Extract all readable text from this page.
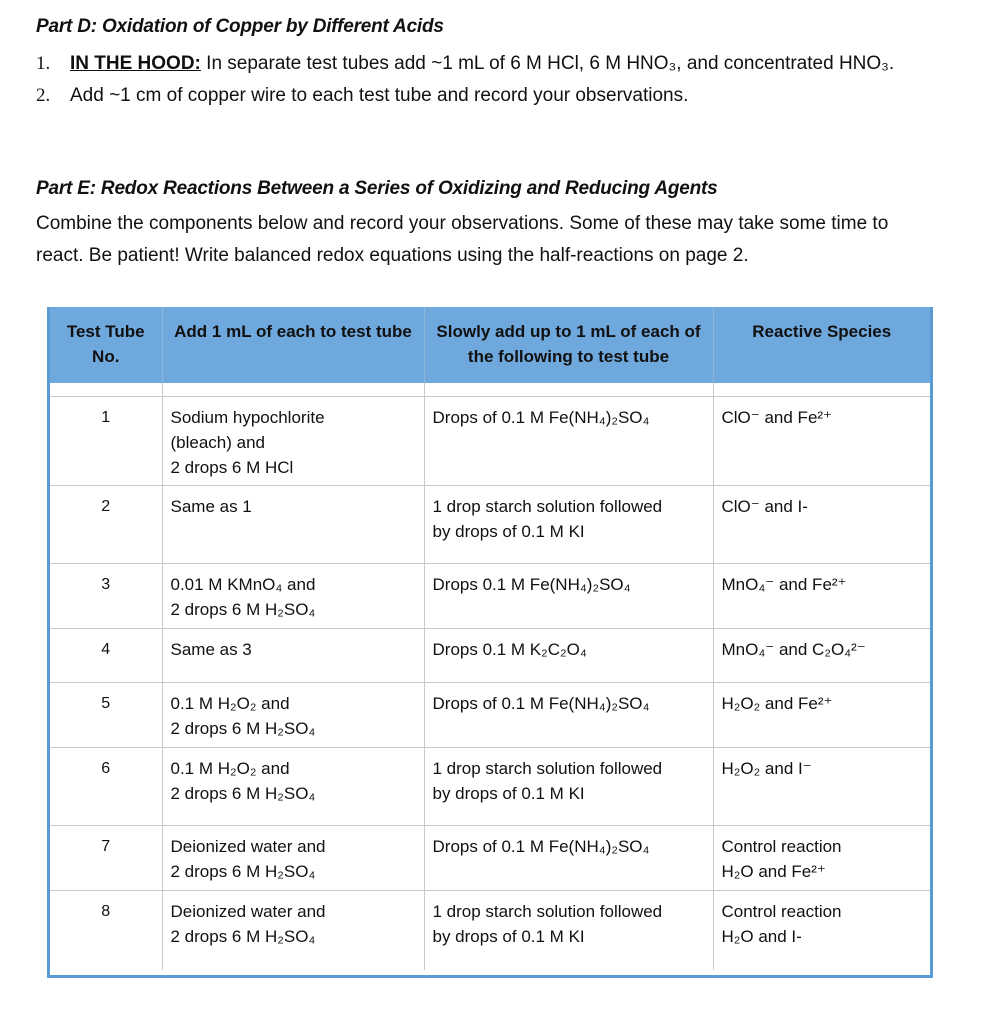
Part D: Oxidation of Copper by Different Acids
1. IN THE HOOD: In separate test tubes add ~1 mL of 6 M HCl, 6 M HNO₃, and concentrated HNO₃.
2. Add ~1 cm of copper wire to each test tube and record your observations.
Part E: Redox Reactions Between a Series of Oxidizing and Reducing Agents

Combine the components below and record your observations. Some of these may take some time to react. Be patient! Write balanced redox equations using the half-reactions on page 2.

Test Tube No.	Add 1 mL of each to test tube	Slowly add up to 1 mL of each of the following to test tube	Reactive Species

1	Sodium hypochlorite
(bleach) and
2 drops 6 M HCl	Drops of 0.1 M Fe(NH₄)₂SO₄	ClO⁻ and Fe²⁺

2	Same as 1	1 drop starch solution followed
by drops of 0.1 M KI	ClO⁻ and I-

3	0.01 M KMnO₄ and
2 drops 6 M H₂SO₄	Drops 0.1 M Fe(NH₄)₂SO₄	MnO₄⁻ and Fe²⁺

4	Same as 3	Drops 0.1 M K₂C₂O₄	MnO₄⁻ and C₂O₄²⁻

5	0.1 M H₂O₂ and
2 drops 6 M H₂SO₄	Drops of 0.1 M Fe(NH₄)₂SO₄	H₂O₂ and Fe²⁺

6	0.1 M H₂O₂ and
2 drops 6 M H₂SO₄	1 drop starch solution followed
by drops of 0.1 M KI	H₂O₂ and I⁻

7	Deionized water and
2 drops 6 M H₂SO₄	Drops of 0.1 M Fe(NH₄)₂SO₄	Control reaction
H₂O and Fe²⁺

8	Deionized water and
2 drops 6 M H₂SO₄	1 drop starch solution followed
by drops of 0.1 M KI	Control reaction
H₂O and I-
